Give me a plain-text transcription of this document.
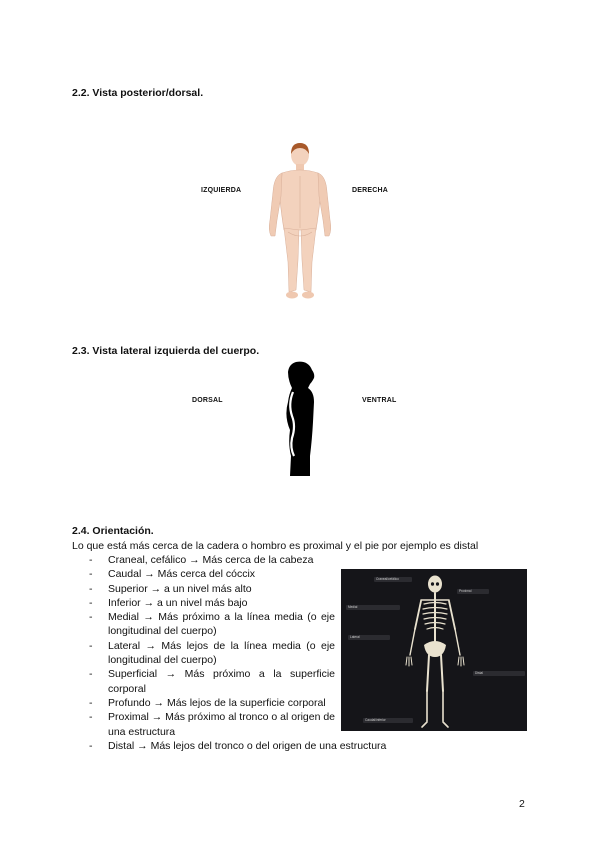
2.2. Vista posterior/dorsal.
IZQUIERDA	DERECHA
2.3. Vista lateral izquierda del cuerpo.
DORSAL	VENTRAL
2.4. Orientación.
Lo que está más cerca de la cadera o hombro es proximal y el pie por ejemplo es distal
- Craneal, cefálico → Más cerca de la cabeza
- Caudal → Más cerca del cóccix
- Superior → a un nivel más alto
- Inferior → a un nivel más bajo
- Medial → Más próximo a la línea media (o eje longitudinal del cuerpo)
- Lateral → Más lejos de la línea media (o eje longitudinal del cuerpo)
- Superficial → Más próximo a la superficie corporal
- Profundo → Más lejos de la superficie corporal
- Proximal → Más próximo al tronco o al origen de una estructura
- Distal → Más lejos del tronco o del origen de una estructura
Craneal/cefálico
Proximal
Medial
Lateral
Distal
Caudal/inferior
2
